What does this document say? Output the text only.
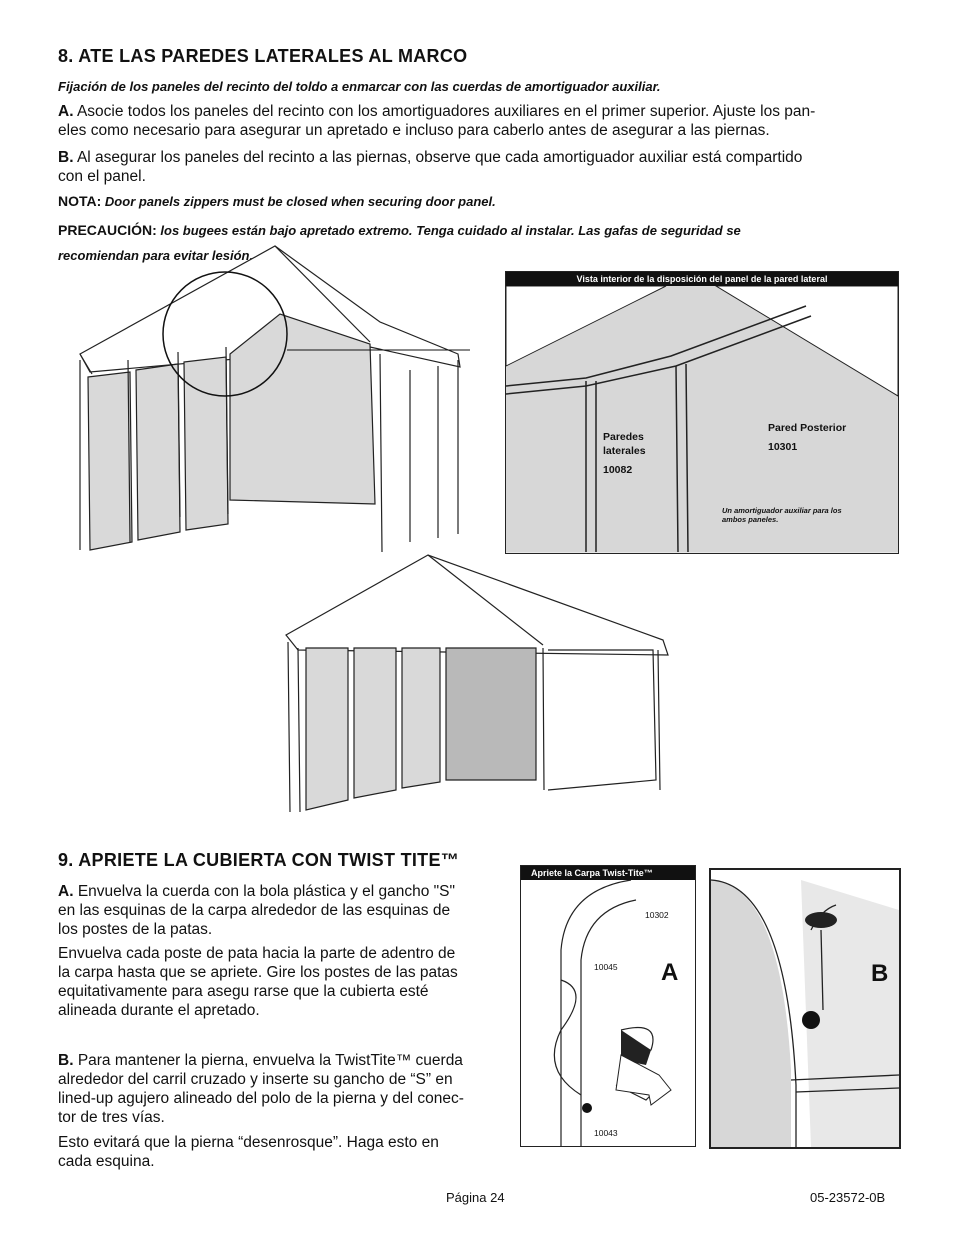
8. ATE LAS PAREDES LATERALES AL MARCO
Fijación de los paneles del recinto del toldo a enmarcar con las cuerdas de amortiguador auxiliar.
A. Asocie todos los paneles del recinto con los amortiguadores auxiliares en el primer superior. Ajuste los pan-
eles como necesario para asegurar un apretado e incluso para caberlo antes de asegurar a las piernas.
B. Al asegurar los paneles del recinto a las piernas, observe que cada amortiguador auxiliar está compartido
con el panel.
NOTA: Door panels zippers must be closed when securing door panel.
PRECAUCIÓN: los bugees están bajo apretado extremo. Tenga cuidado al instalar. Las gafas de seguridad se
recomiendan para evitar lesión.
Vista interior de la disposición del panel de la pared lateral
Paredes
laterales
10082
Pared Posterior
10301
Un amortiguador auxiliar para los
ambos paneles.
9. APRIETE LA CUBIERTA CON TWIST TITE™
A. Envuelva la cuerda con la bola plástica y el gancho "S"
en las esquinas de la carpa alrededor de las esquinas de
los postes de la patas.
Envuelva cada poste de pata hacia la parte de adentro de
la carpa hasta que se apriete. Gire los postes de las patas
equitativamente para asegu rarse que la cubierta esté
alineada durante el apretado.
B. Para mantener la pierna, envuelva la TwistTite™ cuerda
alrededor del carril cruzado y inserte su gancho de “S” en
lined-up agujero alineado del polo de la pierna y del conec-
tor de tres vías.
Esto evitará que la pierna “desenrosque”. Haga esto en
cada esquina.
Apriete la Carpa Twist-Tite™
10302
10045
10043
A	B
Página 24	05-23572-0B
